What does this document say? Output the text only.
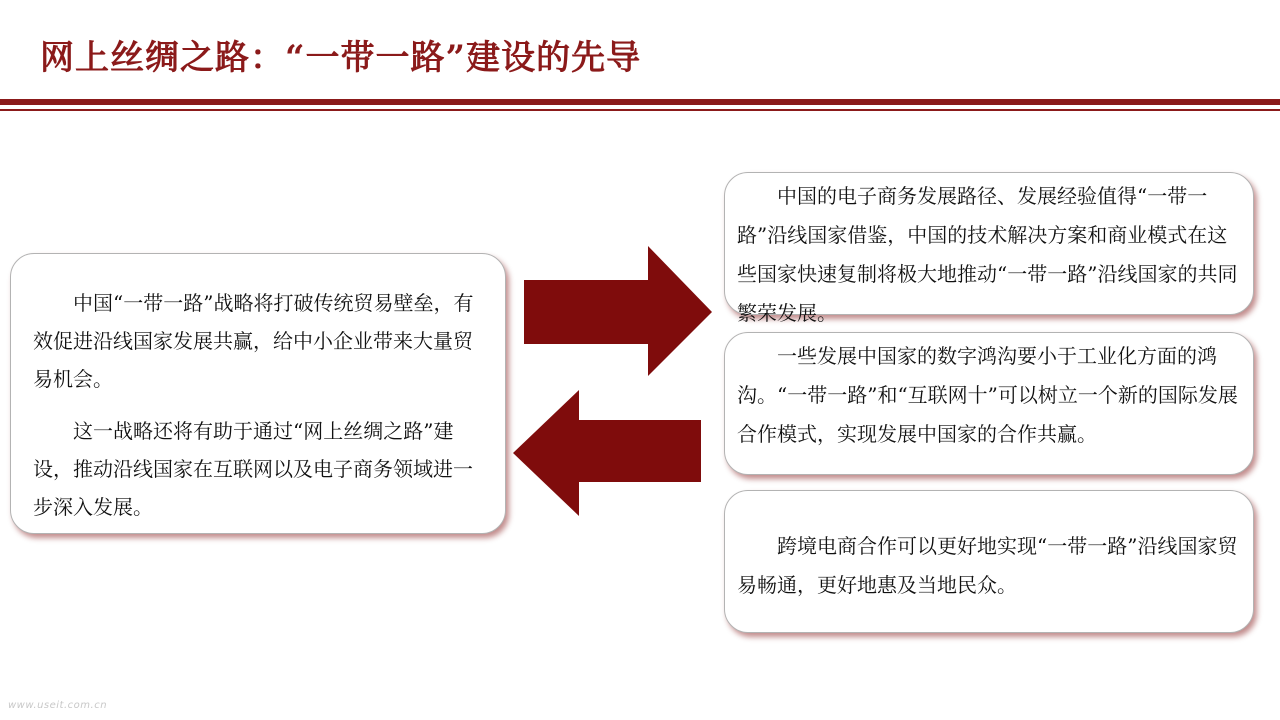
网上丝绸之路：“一带一路”建设的先导

中国“一带一路”战略将打破传统贸易壁垒，有效促进沿线国家发展共赢，给中小企业带来大量贸易机会。

这一战略还将有助于通过“网上丝绸之路”建设，推动沿线国家在互联网以及电子商务领域进一步深入发展。

中国的电子商务发展路径、发展经验值得“一带一路”沿线国家借鉴，中国的技术解决方案和商业模式在这些国家快速复制将极大地推动“一带一路”沿线国家的共同繁荣发展。

一些发展中国家的数字鸿沟要小于工业化方面的鸿沟。“一带一路”和“互联网十”可以树立一个新的国际发展合作模式，实现发展中国家的合作共赢。

跨境电商合作可以更好地实现“一带一路”沿线国家贸易畅通，更好地惠及当地民众。

www.useit.com.cn
